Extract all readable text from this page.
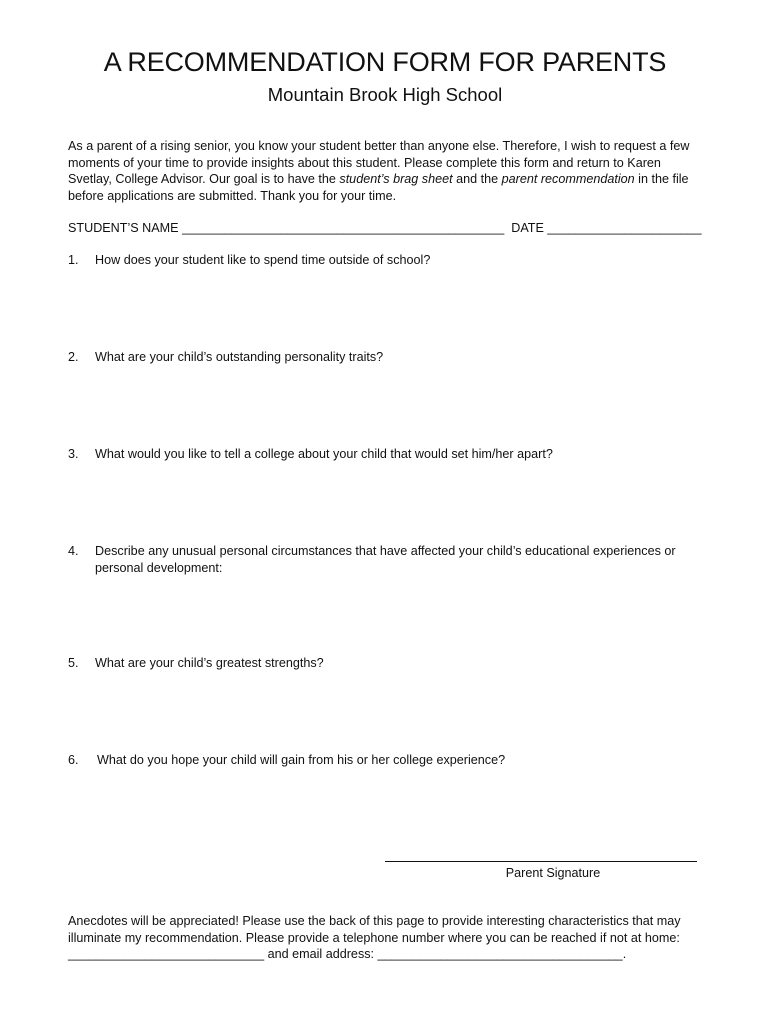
A RECOMMENDATION FORM FOR PARENTS
Mountain Brook High School
As a parent of a rising senior, you know your student better than anyone else. Therefore, I wish to request a few moments of your time to provide insights about this student. Please complete this form and return to Karen Svetlay, College Advisor. Our goal is to have the student’s brag sheet and the parent recommendation in the file before applications are submitted. Thank you for your time.
STUDENT’S NAME ______________________________________________ DATE ______________________
1. How does your student like to spend time outside of school?
2. What are your child’s outstanding personality traits?
3. What would you like to tell a college about your child that would set him/her apart?
4. Describe any unusual personal circumstances that have affected your child’s educational experiences or personal development:
5. What are your child’s greatest strengths?
6. What do you hope your child will gain from his or her college experience?
Parent Signature
Anecdotes will be appreciated! Please use the back of this page to provide interesting characteristics that may illuminate my recommendation. Please provide a telephone number where you can be reached if not at home: ____________________________ and email address: ___________________________________.
